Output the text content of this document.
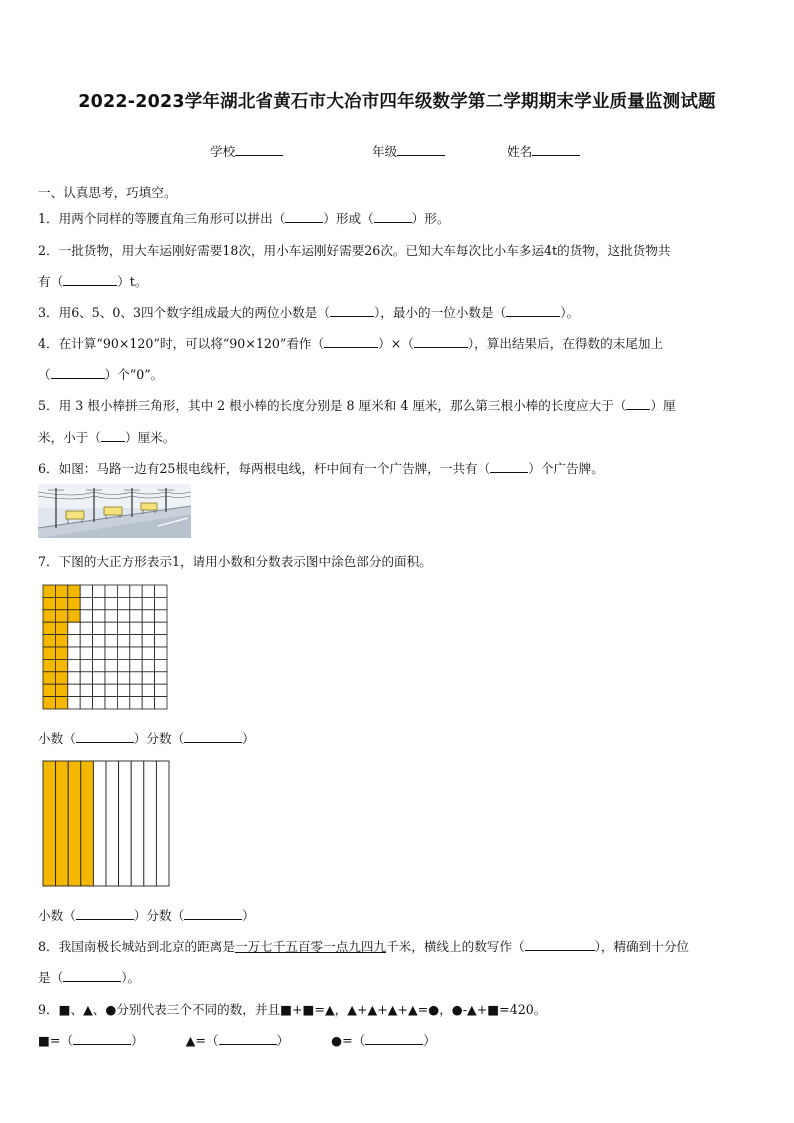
2022-2023学年湖北省黄石市大冶市四年级数学第二学期期末学业质量监测试题
学校	年级	姓名
一、认真思考，巧填空。
1．用两个同样的等腰直角三角形可以拼出（	）形或（	）形。
2．一批货物，用大车运刚好需要18次，用小车运刚好需要26次。已知大车每次比小车多运4t的货物，这批货物共
有（	）t。
3．用6、5、0、3四个数字组成最大的两位小数是（	），最小的一位小数是（	）。
4．在计算“90×120”时，可以将“90×120”看作（	）×（	），算出结果后，在得数的末尾加上
（	）个“0”。
5．用 3 根小棒拼三角形，其中 2 根小棒的长度分别是 8 厘米和 4 厘米，那么第三根小棒的长度应大于（ ）厘
米，小于（ ）厘米。
6．如图：马路一边有25根电线杆，每两根电线，杆中间有一个广告牌，一共有（	）个广告牌。
7．下图的大正方形表示1，请用小数和分数表示图中涂色部分的面积。
小数（	）分数（	）
小数（	）分数（	）
8．我国南极长城站到北京的距离是一万七千五百零一点九四九千米，横线上的数写作（	），精确到十分位
是（	）。
9．■、▲、●分别代表三个不同的数，并且■+■=▲，▲+▲+▲+▲=●，●-▲+■=420。
■=（	）	▲=（	）	●=（	）
